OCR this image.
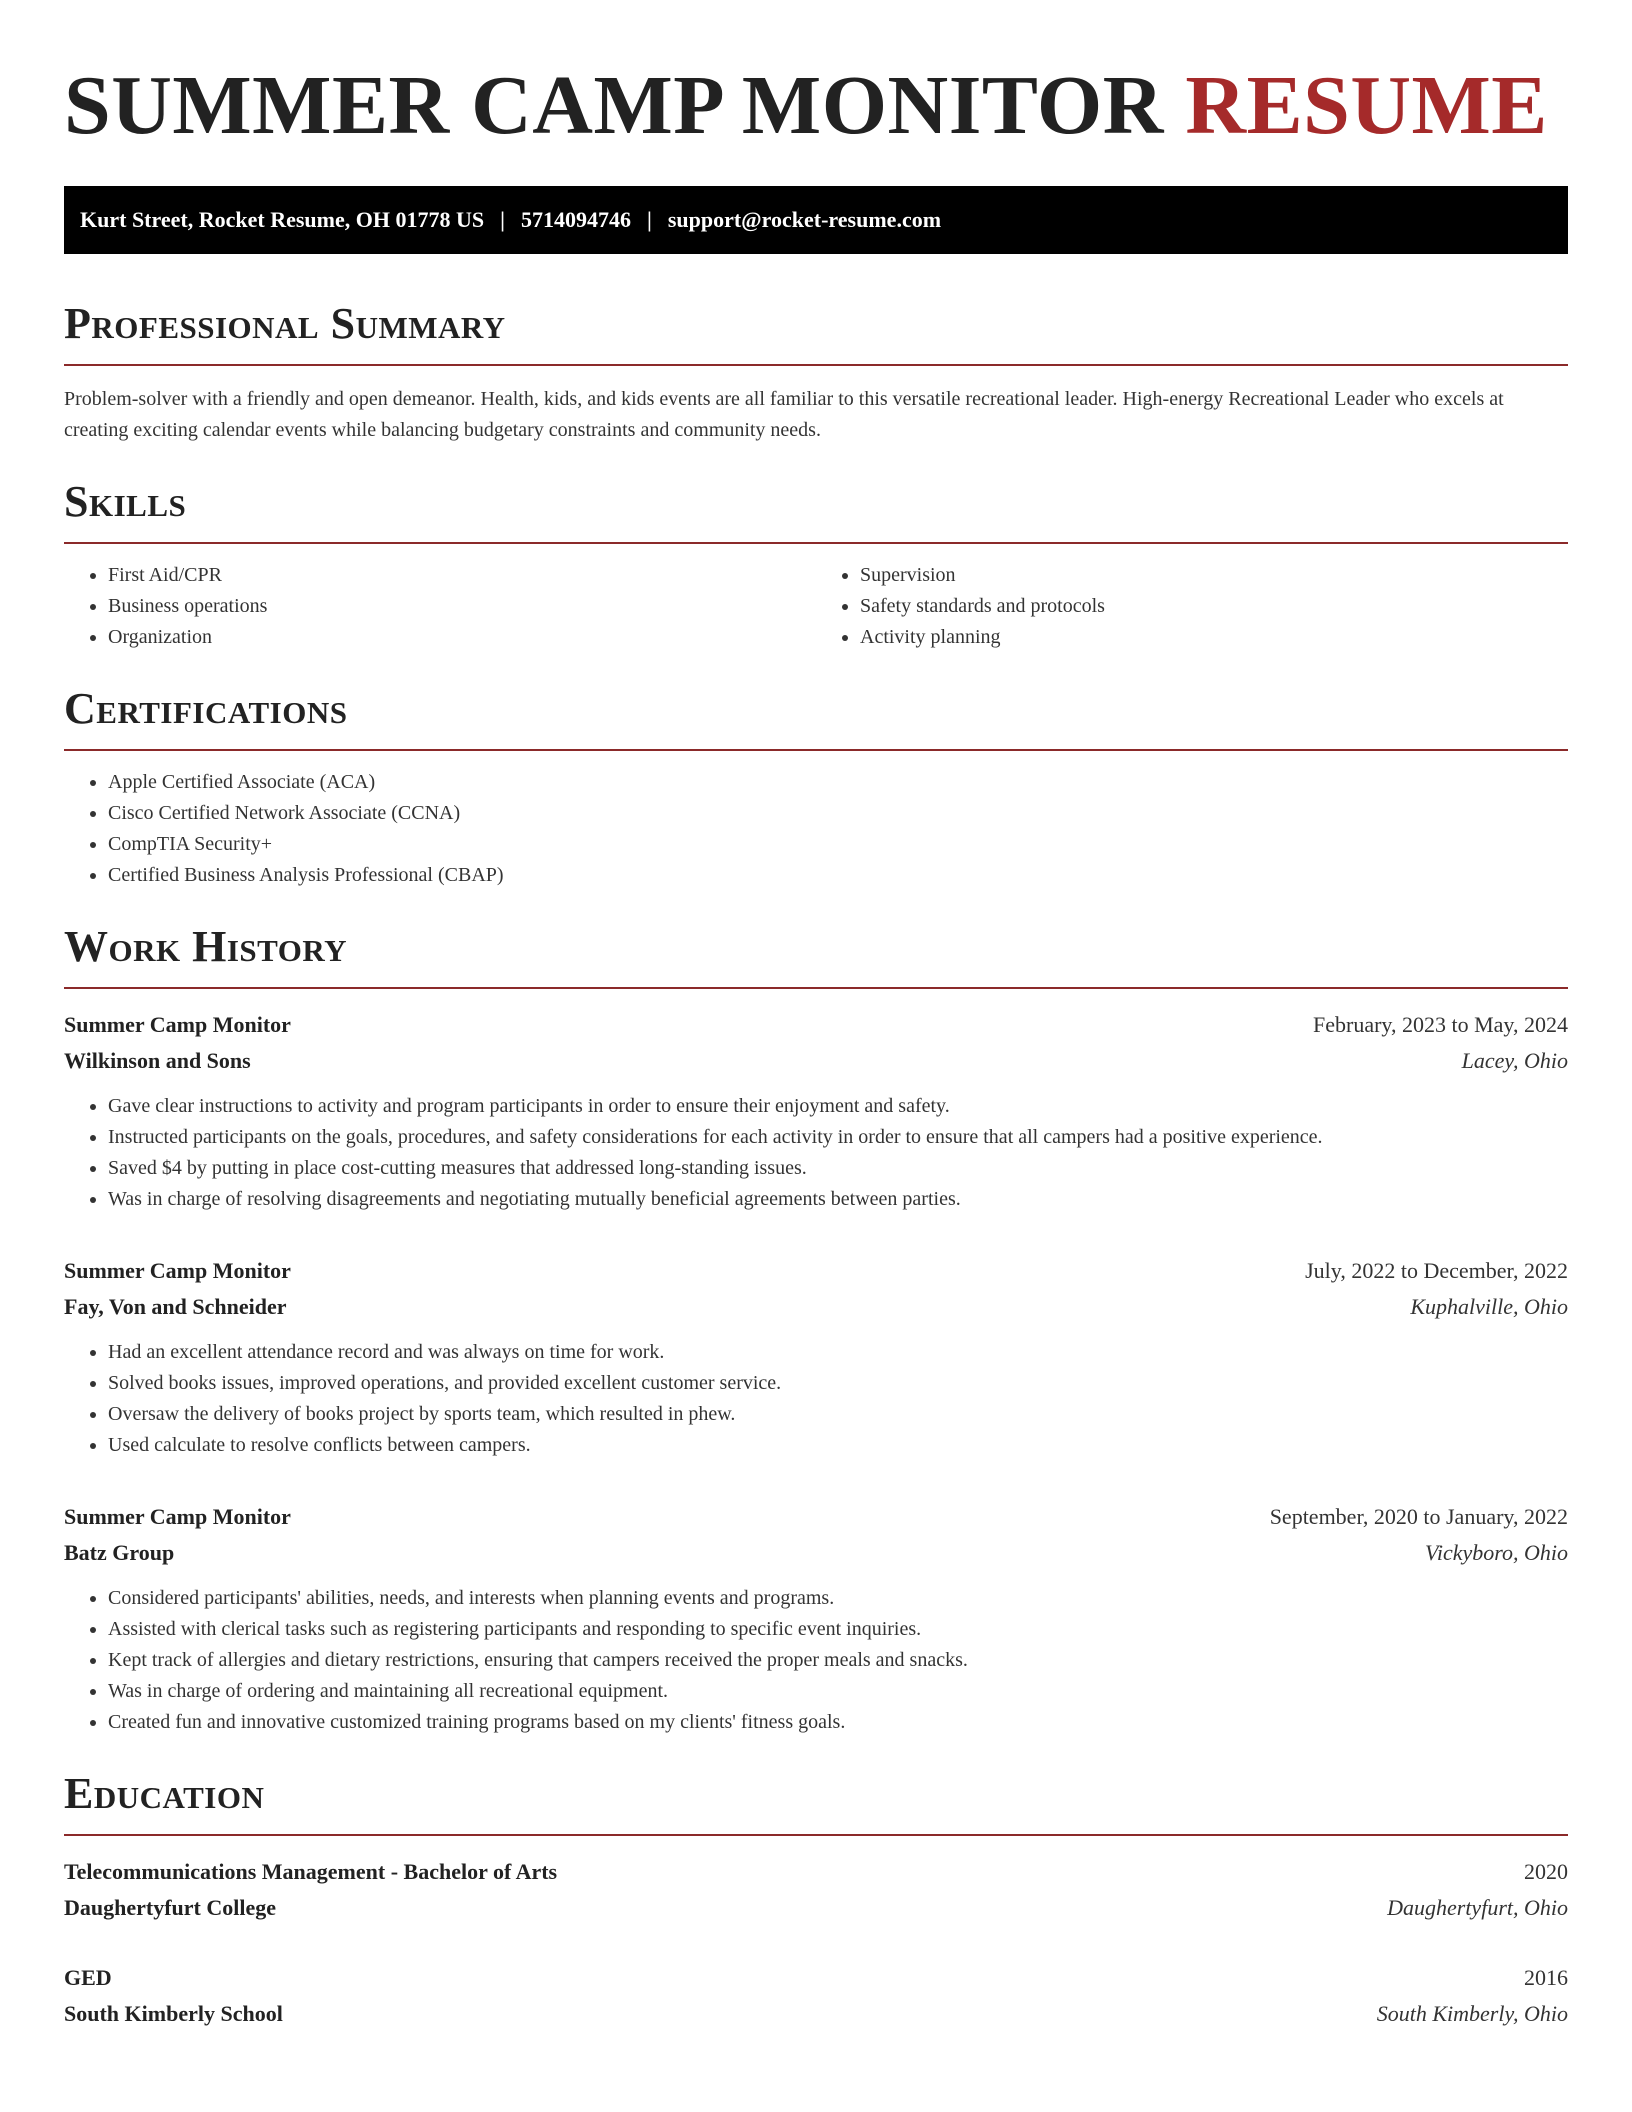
SUMMER CAMP MONITOR RESUME
Kurt Street, Rocket Resume, OH 01778 US | 5714094746 | support@rocket-resume.com
Professional Summary

Problem-solver with a friendly and open demeanor. Health, kids, and kids events are all familiar to this versatile recreational leader. High-energy Recreational Leader who excels at creating exciting calendar events while balancing budgetary constraints and community needs.

Skills
• First Aid/CPR
• Business operations
• Organization
• Supervision
• Safety standards and protocols
• Activity planning
Certifications
• Apple Certified Associate (ACA)
• Cisco Certified Network Associate (CCNA)
• CompTIA Security+
• Certified Business Analysis Professional (CBAP)
Work History
Summer Camp Monitor	February, 2023 to May, 2024
Wilkinson and Sons	Lacey, Ohio
• Gave clear instructions to activity and program participants in order to ensure their enjoyment and safety.
• Instructed participants on the goals, procedures, and safety considerations for each activity in order to ensure that all campers had a positive experience.
• Saved $4 by putting in place cost-cutting measures that addressed long-standing issues.
• Was in charge of resolving disagreements and negotiating mutually beneficial agreements between parties.
Summer Camp Monitor	July, 2022 to December, 2022
Fay, Von and Schneider	Kuphalville, Ohio
• Had an excellent attendance record and was always on time for work.
• Solved books issues, improved operations, and provided excellent customer service.
• Oversaw the delivery of books project by sports team, which resulted in phew.
• Used calculate to resolve conflicts between campers.
Summer Camp Monitor	September, 2020 to January, 2022
Batz Group	Vickyboro, Ohio
• Considered participants' abilities, needs, and interests when planning events and programs.
• Assisted with clerical tasks such as registering participants and responding to specific event inquiries.
• Kept track of allergies and dietary restrictions, ensuring that campers received the proper meals and snacks.
• Was in charge of ordering and maintaining all recreational equipment.
• Created fun and innovative customized training programs based on my clients' fitness goals.
Education
Telecommunications Management - Bachelor of Arts	2020
Daughertyfurt College	Daughertyfurt, Ohio
GED	2016
South Kimberly School	South Kimberly, Ohio
